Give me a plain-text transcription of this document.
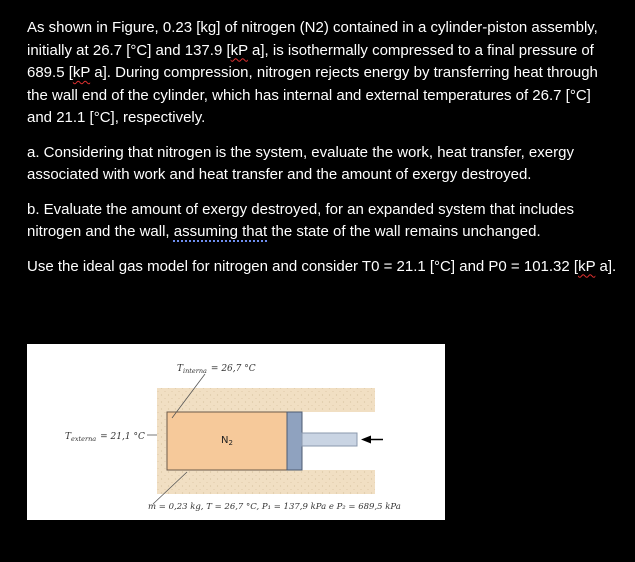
As shown in Figure, 0.23 [kg] of nitrogen (N2) contained in a cylinder-piston assembly, initially at 26.7 [°C] and 137.9 [kP a], is isothermally compressed to a final pressure of 689.5 [kP a]. During compression, nitrogen rejects energy by transferring heat through the wall end of the cylinder, which has internal and external temperatures of 26.7 [°C] and 21.1 [°C], respectively.

a. Considering that nitrogen is the system, evaluate the work, heat transfer, exergy associated with work and heat transfer and the amount of exergy destroyed.

b. Evaluate the amount of exergy destroyed, for an expanded system that includes nitrogen and the wall, assuming that the state of the wall remains unchanged.

Use the ideal gas model for nitrogen and consider T0 = 21.1 [°C] and P0 = 101.32 [kP a].

$T_{interna} = 26,7$ °C
$T_{externa} = 21,1$ °C	$N_2$
m = 0,23 kg, T = 26,7 °C, P₁ = 137,9 kPa e P₂ = 689,5 kPa
